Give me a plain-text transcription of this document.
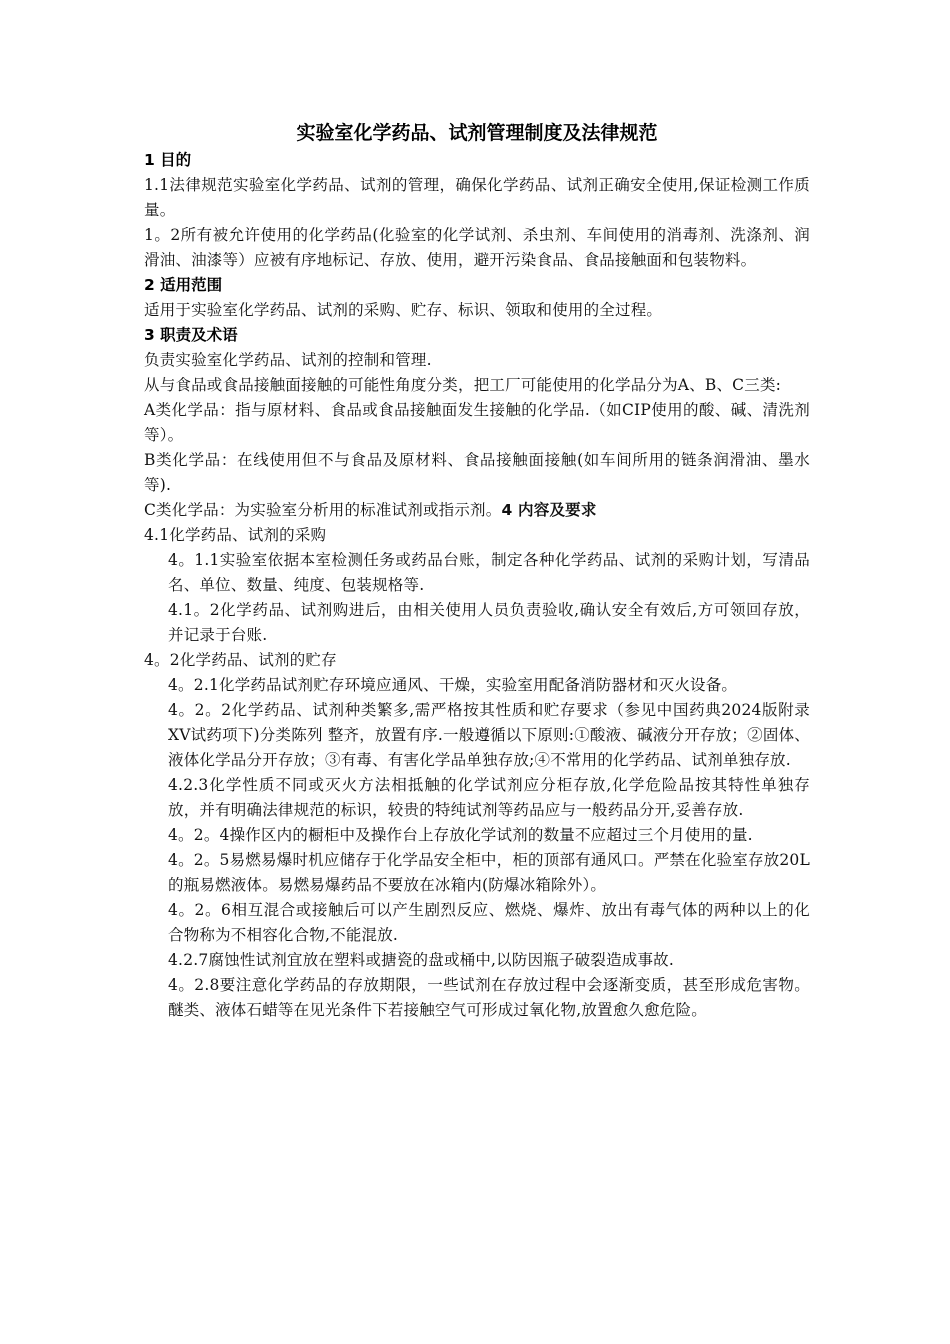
实验室化学药品、试剂管理制度及法律规范

1 目的

1.1法律规范实验室化学药品、试剂的管理，确保化学药品、试剂正确安全使用,保证检测工作质量。

1。2所有被允许使用的化学药品(化验室的化学试剂、杀虫剂、车间使用的消毒剂、洗涤剂、润滑油、油漆等）应被有序地标记、存放、使用，避开污染食品、食品接触面和包装物料。

2 适用范围

适用于实验室化学药品、试剂的采购、贮存、标识、领取和使用的全过程。

3 职责及术语

负责实验室化学药品、试剂的控制和管理.

从与食品或食品接触面接触的可能性角度分类，把工厂可能使用的化学品分为A、B、C三类:

A类化学品：指与原材料、食品或食品接触面发生接触的化学品.（如CIP使用的酸、碱、清洗剂等）。

B类化学品：在线使用但不与食品及原材料、食品接触面接触(如车间所用的链条润滑油、墨水等).

C类化学品：为实验室分析用的标准试剂或指示剂。4 内容及要求

4.1化学药品、试剂的采购

4。1.1实验室依据本室检测任务或药品台账，制定各种化学药品、试剂的采购计划，写清品名、单位、数量、纯度、包装规格等.

4.1。2化学药品、试剂购进后，由相关使用人员负责验收,确认安全有效后,方可领回存放，并记录于台账.

4。2化学药品、试剂的贮存

4。2.1化学药品试剂贮存环境应通风、干燥，实验室用配备消防器材和灭火设备。

4。2。2化学药品、试剂种类繁多,需严格按其性质和贮存要求（参见中国药典2024版附录XV试药项下)分类陈列 整齐，放置有序.一般遵循以下原则:①酸液、碱液分开存放；②固体、液体化学品分开存放；③有毒、有害化学品单独存放;④不常用的化学药品、试剂单独存放.

4.2.3化学性质不同或灭火方法相抵触的化学试剂应分柜存放,化学危险品按其特性单独存放，并有明确法律规范的标识，较贵的特纯试剂等药品应与一般药品分开,妥善存放.

4。2。4操作区内的橱柜中及操作台上存放化学试剂的数量不应超过三个月使用的量.

4。2。5易燃易爆时机应储存于化学品安全柜中，柜的顶部有通风口。严禁在化验室存放20L的瓶易燃液体。易燃易爆药品不要放在冰箱内(防爆冰箱除外）。

4。2。6相互混合或接触后可以产生剧烈反应、燃烧、爆炸、放出有毒气体的两种以上的化合物称为不相容化合物,不能混放.

4.2.7腐蚀性试剂宜放在塑料或搪瓷的盘或桶中,以防因瓶子破裂造成事故.

4。2.8要注意化学药品的存放期限，一些试剂在存放过程中会逐渐变质，甚至形成危害物。醚类、液体石蜡等在见光条件下若接触空气可形成过氧化物,放置愈久愈危险。
